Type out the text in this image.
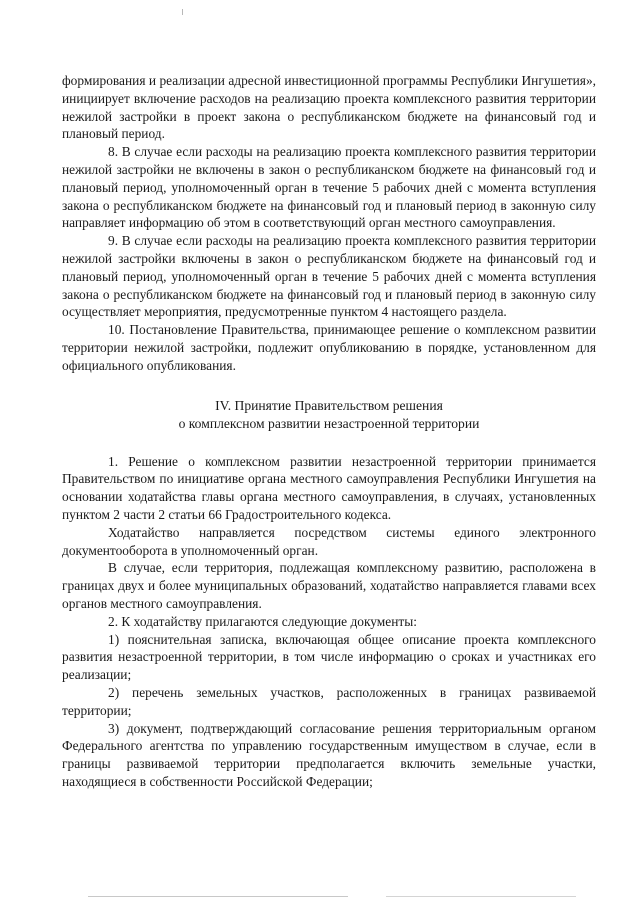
формирования и реализации адресной инвестиционной программы Республики Ингушетия», инициирует включение расходов на реализацию проекта комплексного развития территории нежилой застройки в проект закона о республиканском бюджете на финансовый год и плановый период.

8. В случае если расходы на реализацию проекта комплексного развития территории нежилой застройки не включены в закон о республиканском бюджете на финансовый год и плановый период, уполномоченный орган в течение 5 рабочих дней с момента вступления закона о республиканском бюджете на финансовый год и плановый период в законную силу направляет информацию об этом в соответствующий орган местного самоуправления.

9. В случае если расходы на реализацию проекта комплексного развития территории нежилой застройки включены в закон о республиканском бюджете на финансовый год и плановый период, уполномоченный орган в течение 5 рабочих дней с момента вступления закона о республиканском бюджете на финансовый год и плановый период в законную силу осуществляет мероприятия, предусмотренные пунктом 4 настоящего раздела.

10. Постановление Правительства, принимающее решение о комплексном развитии территории нежилой застройки, подлежит опубликованию в порядке, установленном для официального опубликования.

IV. Принятие Правительством решения
о комплексном развитии незастроенной территории

1. Решение о комплексном развитии незастроенной территории принимается Правительством по инициативе органа местного самоуправления Республики Ингушетия на основании ходатайства главы органа местного самоуправления, в случаях, установленных пунктом 2 части 2 статьи 66 Градостроительного кодекса.

Ходатайство направляется посредством системы единого электронного документооборота в уполномоченный орган.

В случае, если территория, подлежащая комплексному развитию, расположена в границах двух и более муниципальных образований, ходатайство направляется главами всех органов местного самоуправления.

2. К ходатайству прилагаются следующие документы:

1) пояснительная записка, включающая общее описание проекта комплексного развития незастроенной территории, в том числе информацию о сроках и участниках его реализации;

2) перечень земельных участков, расположенных в границах развиваемой территории;

3) документ, подтверждающий согласование решения территориальным органом Федерального агентства по управлению государственным имуществом в случае, если в границы развиваемой территории предполагается включить земельные участки, находящиеся в собственности Российской Федерации;
